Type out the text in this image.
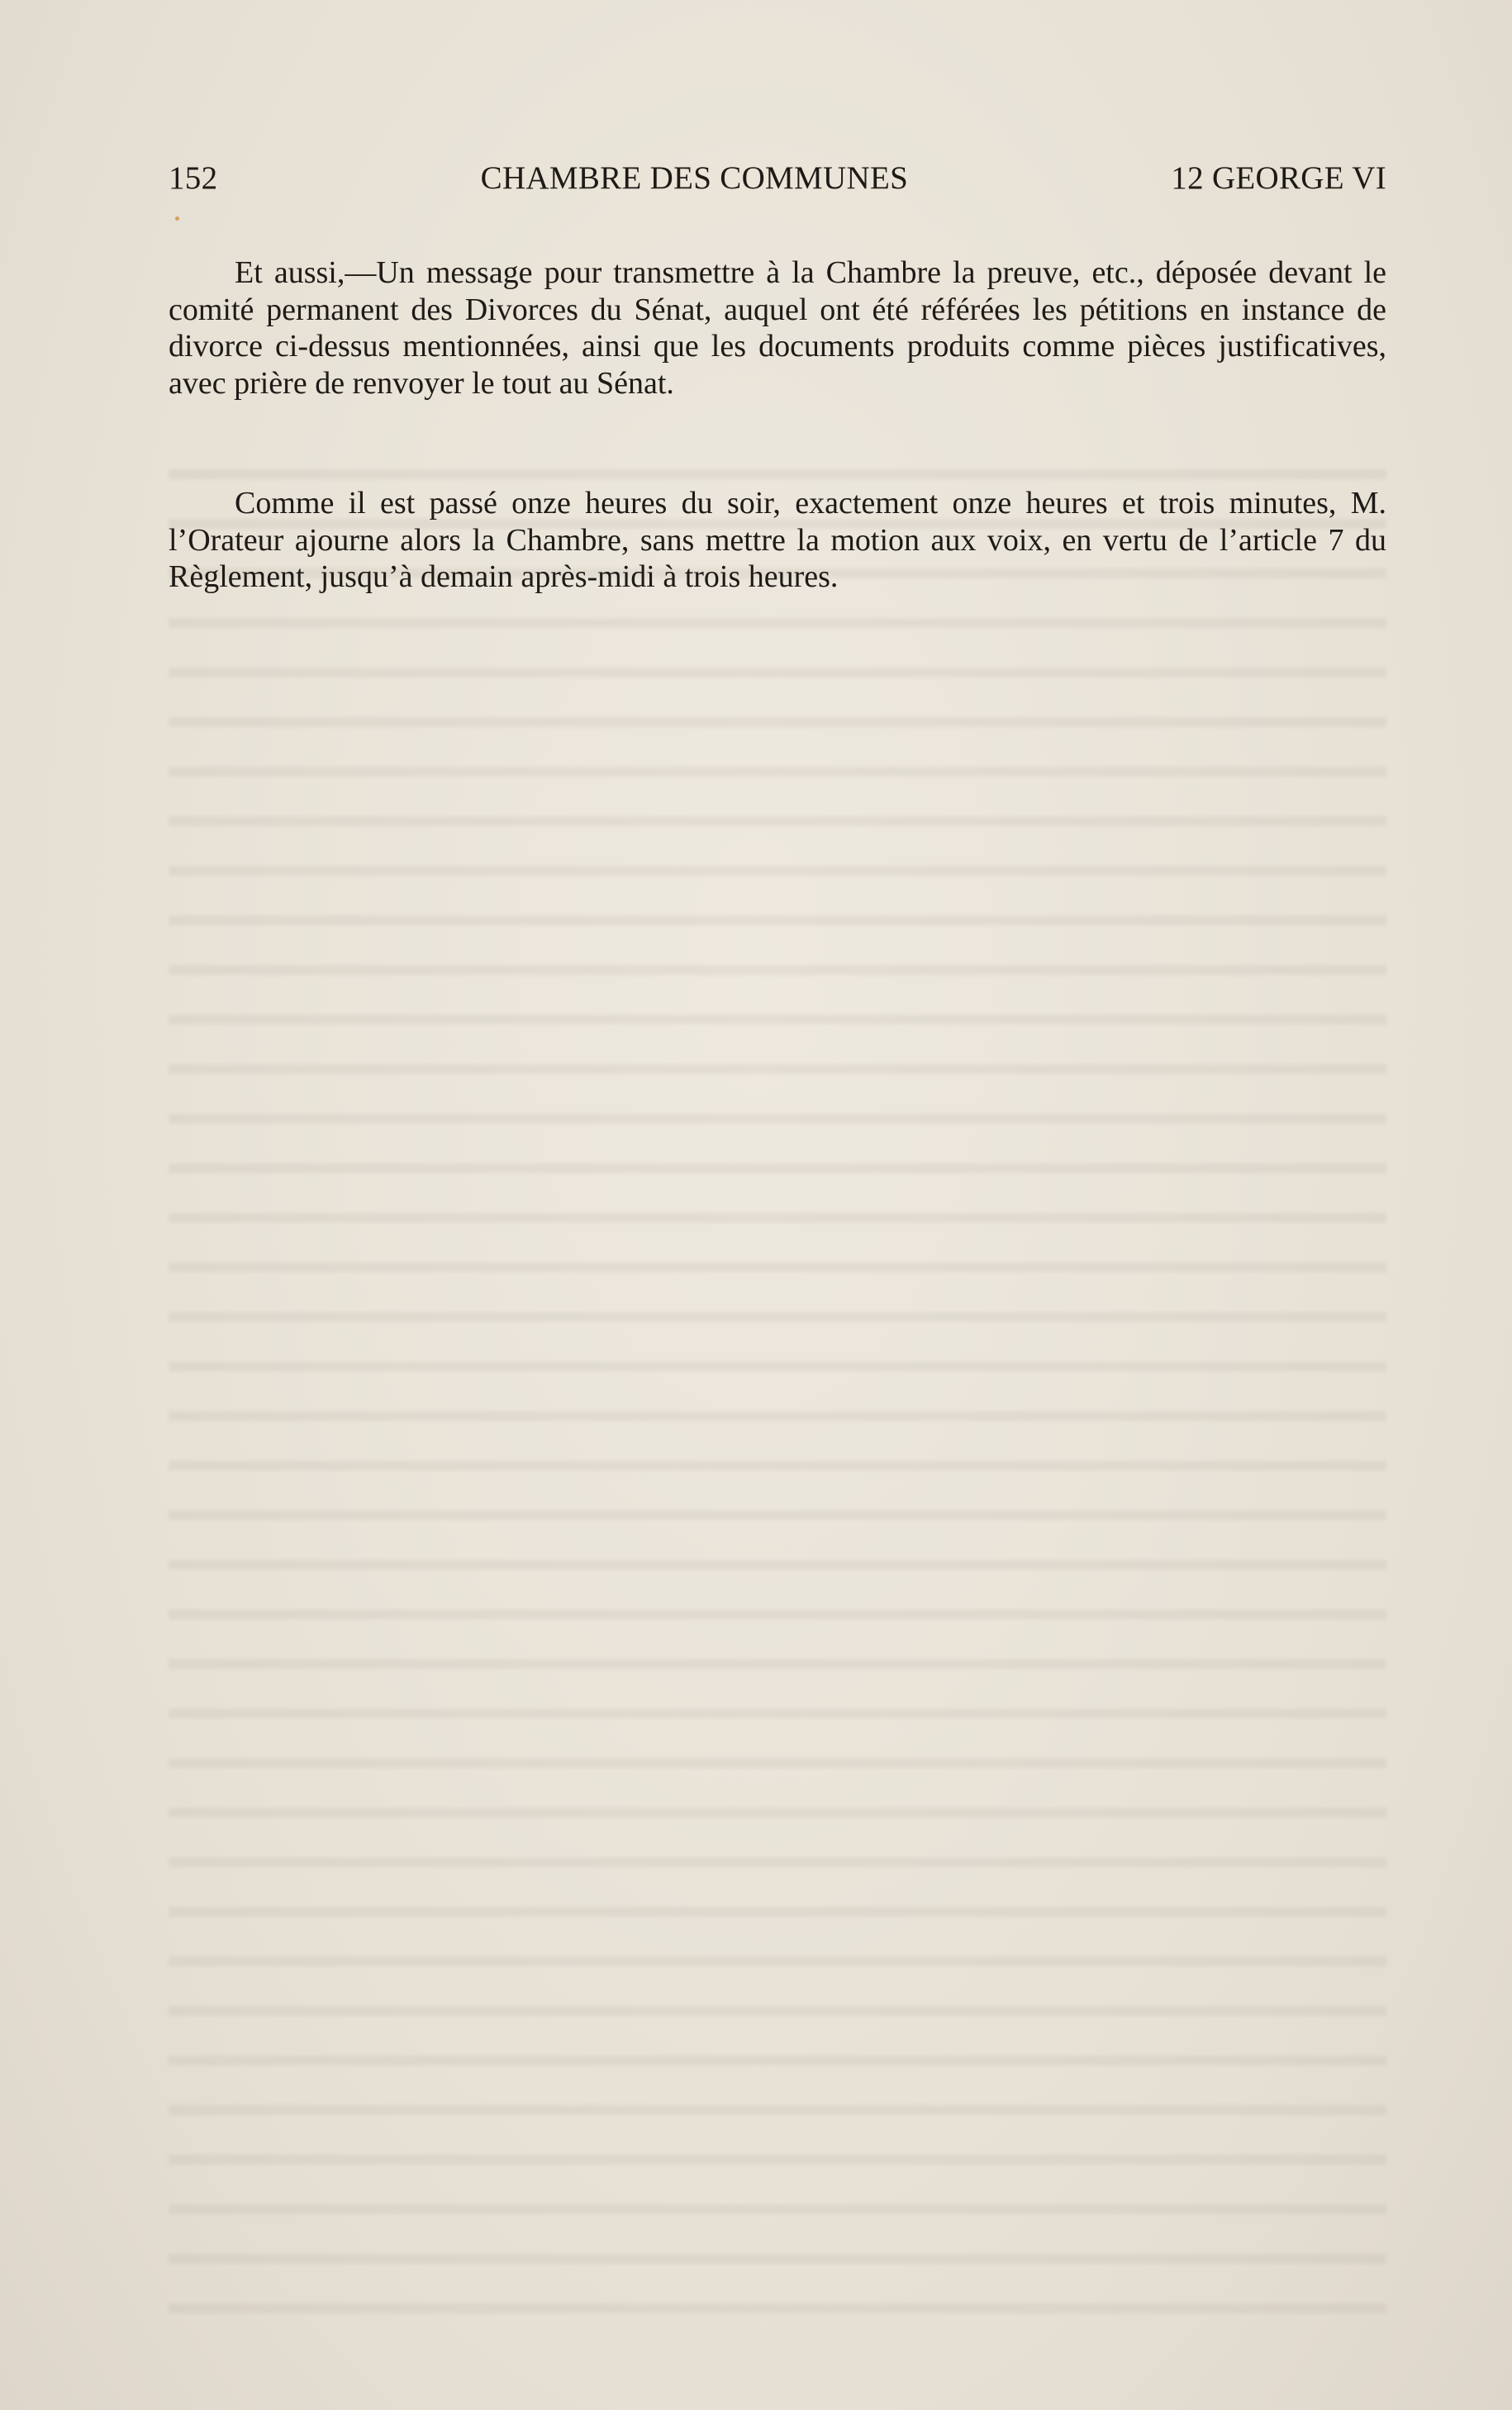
152	CHAMBRE DES COMMUNES	12 GEORGE VI

Et aussi,—Un message pour transmettre à la Chambre la preuve, etc., déposée devant le comité permanent des Divorces du Sénat, auquel ont été référées les pétitions en instance de divorce ci-dessus mentionnées, ainsi que les documents produits comme pièces justificatives, avec prière de renvoyer le tout au Sénat.

Comme il est passé onze heures du soir, exactement onze heures et trois minutes, M. l’Orateur ajourne alors la Chambre, sans mettre la motion aux voix, en vertu de l’article 7 du Règlement, jusqu’à demain après-midi à trois heures.
